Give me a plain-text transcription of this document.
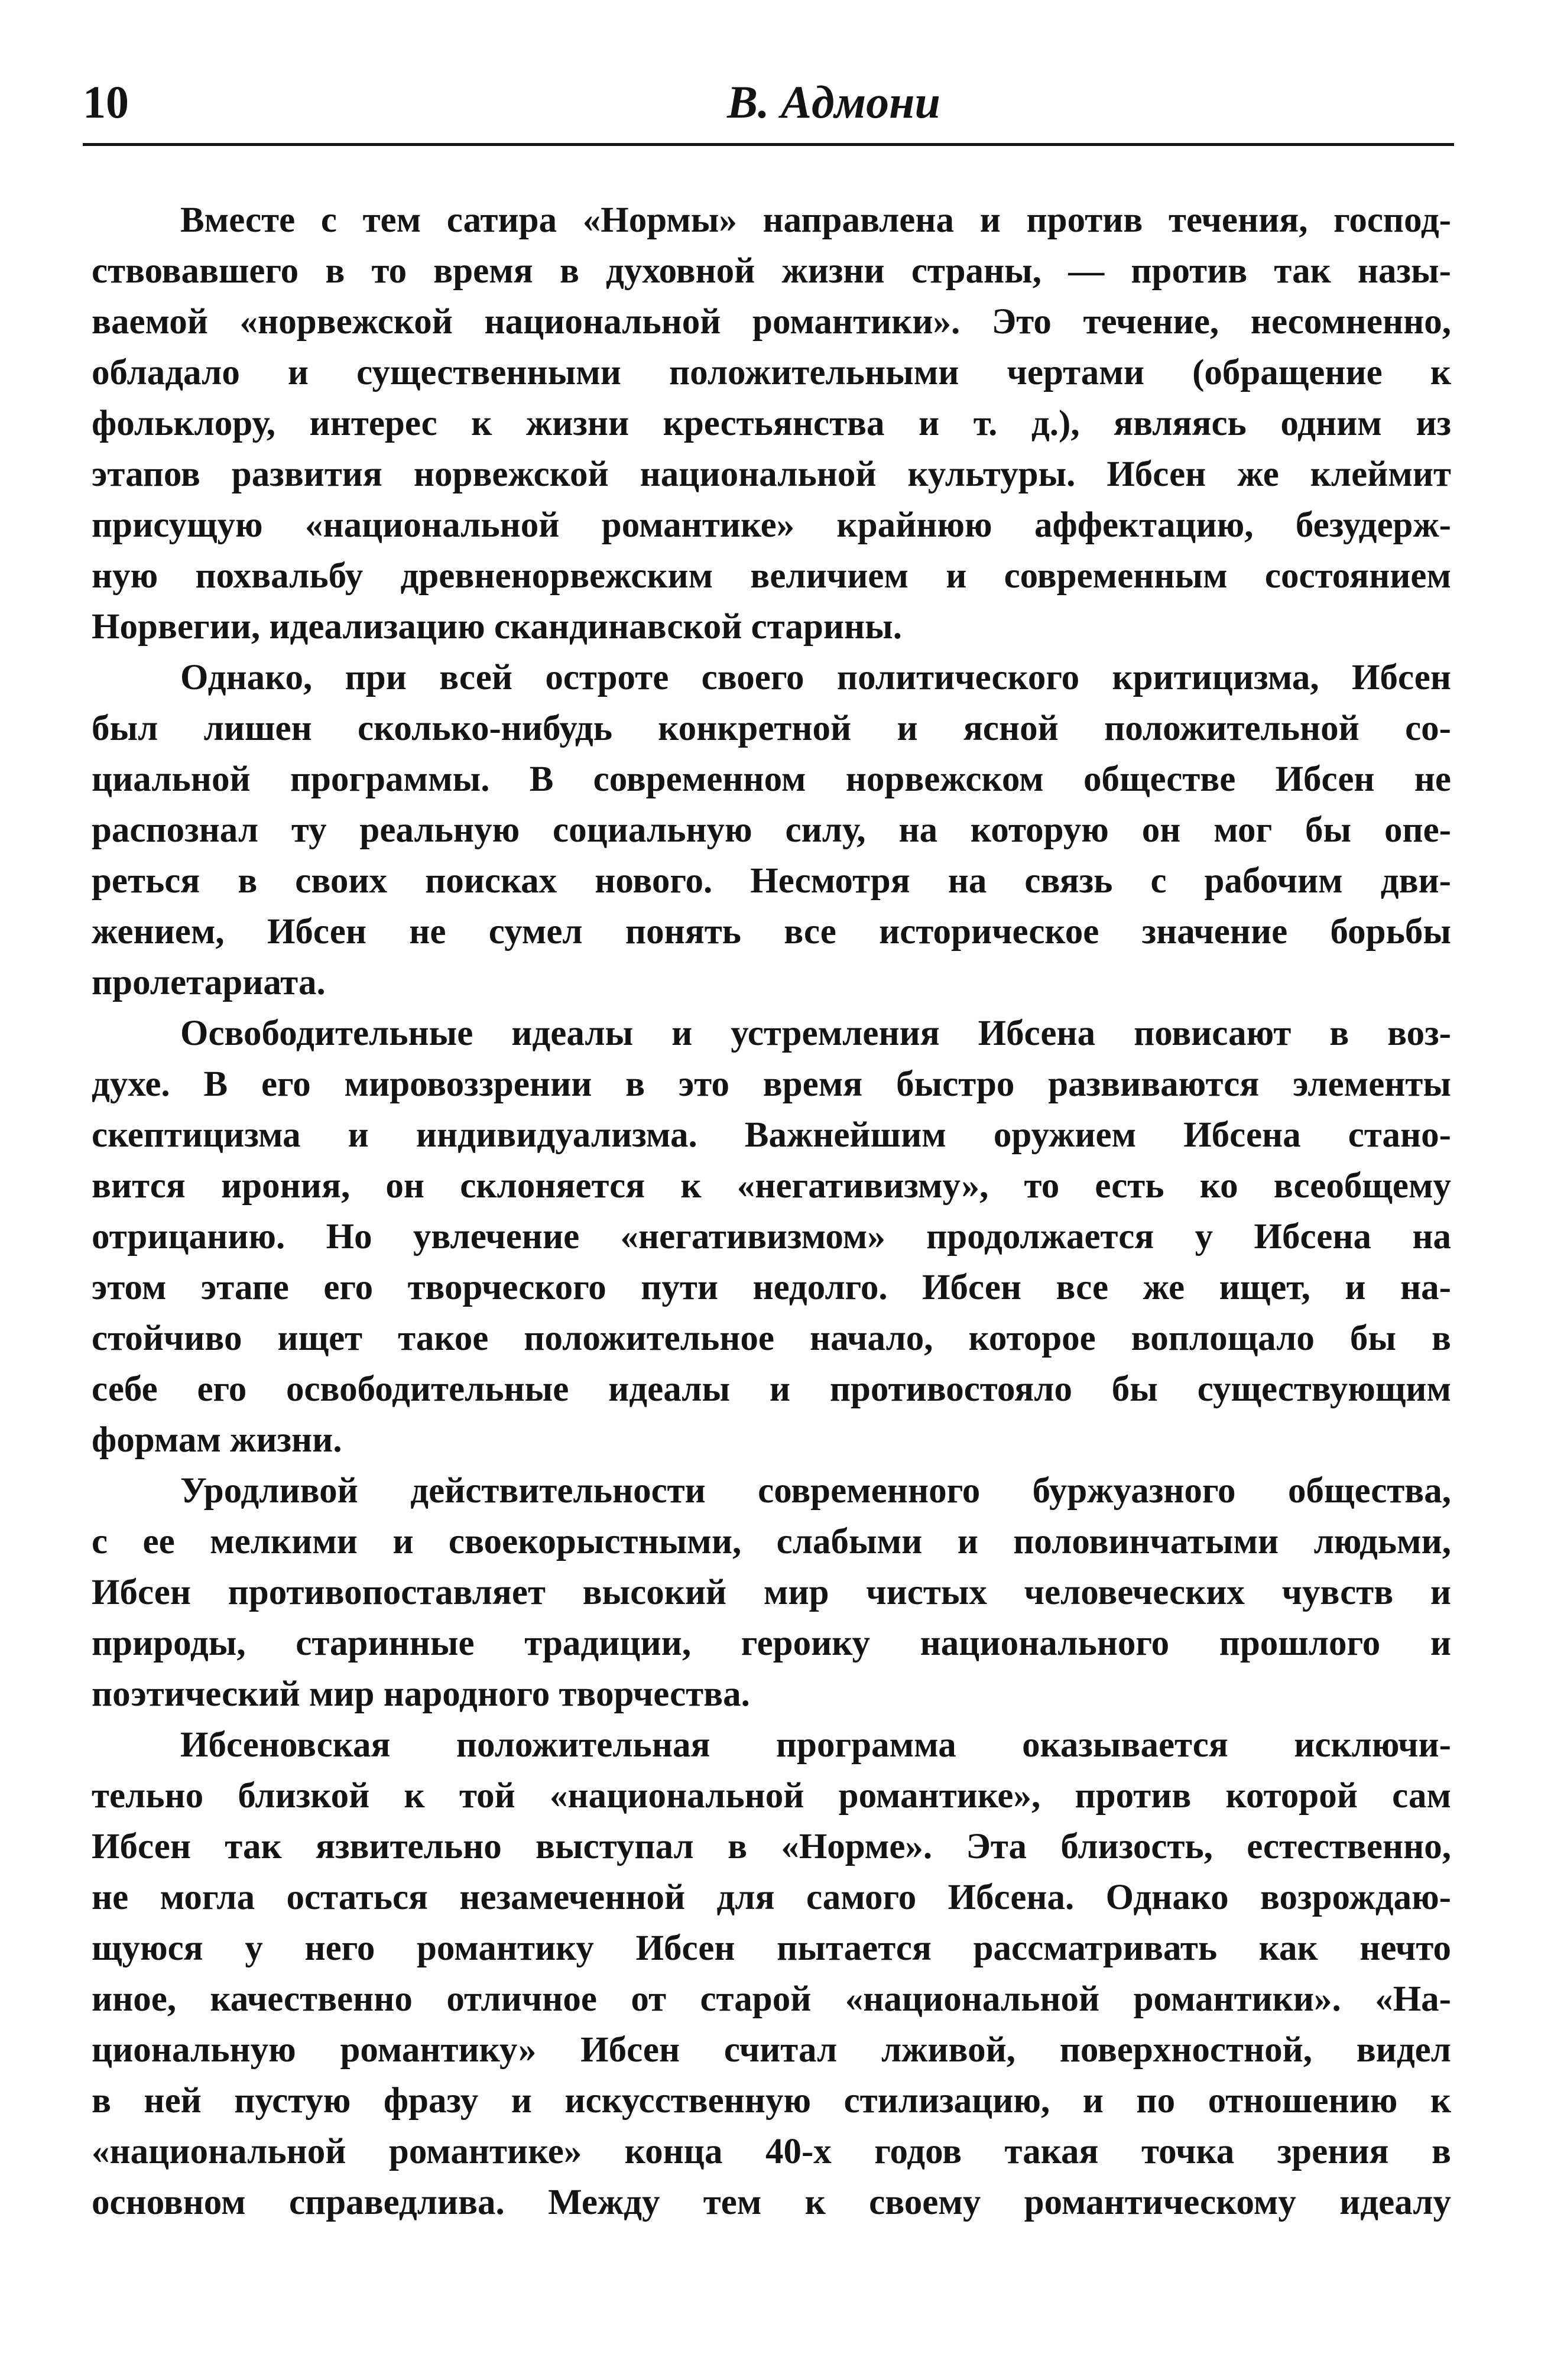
10	В. Адмони

Вместе с тем сатира «Нормы» направлена и против течения, господ-
ствовавшего в то время в духовной жизни страны, — против так назы-
ваемой «норвежской национальной романтики». Это течение, несомненно,
обладало и существенными положительными чертами (обращение к
фольклору, интерес к жизни крестьянства и т. д.), являясь одним из
этапов развития норвежской национальной культуры. Ибсен же клеймит
присущую «национальной романтике» крайнюю аффектацию, безудерж-
ную похвальбу древненорвежским величием и современным состоянием
Норвегии, идеализацию скандинавской старины.

Однако, при всей остроте своего политического критицизма, Ибсен
был лишен сколько-нибудь конкретной и ясной положительной со-
циальной программы. В современном норвежском обществе Ибсен не
распознал ту реальную социальную силу, на которую он мог бы опе-
реться в своих поисках нового. Несмотря на связь с рабочим дви-
жением, Ибсен не сумел понять все историческое значение борьбы
пролетариата.

Освободительные идеалы и устремления Ибсена повисают в воз-
духе. В его мировоззрении в это время быстро развиваются элементы
скептицизма и индивидуализма. Важнейшим оружием Ибсена стано-
вится ирония, он склоняется к «негативизму», то есть ко всеобщему
отрицанию. Но увлечение «негативизмом» продолжается у Ибсена на
этом этапе его творческого пути недолго. Ибсен все же ищет, и на-
стойчиво ищет такое положительное начало, которое воплощало бы в
себе его освободительные идеалы и противостояло бы существующим
формам жизни.

Уродливой действительности современного буржуазного общества,
с ее мелкими и своекорыстными, слабыми и половинчатыми людьми,
Ибсен противопоставляет высокий мир чистых человеческих чувств и
природы, старинные традиции, героику национального прошлого и
поэтический мир народного творчества.

Ибсеновская положительная программа оказывается исключи-
тельно близкой к той «национальной романтике», против которой сам
Ибсен так язвительно выступал в «Норме». Эта близость, естественно,
не могла остаться незамеченной для самого Ибсена. Однако возрождаю-
щуюся у него романтику Ибсен пытается рассматривать как нечто
иное, качественно отличное от старой «национальной романтики». «На-
циональную романтику» Ибсен считал лживой, поверхностной, видел
в ней пустую фразу и искусственную стилизацию, и по отношению к
«национальной романтике» конца 40-х годов такая точка зрения в
основном справедлива. Между тем к своему романтическому идеалу
